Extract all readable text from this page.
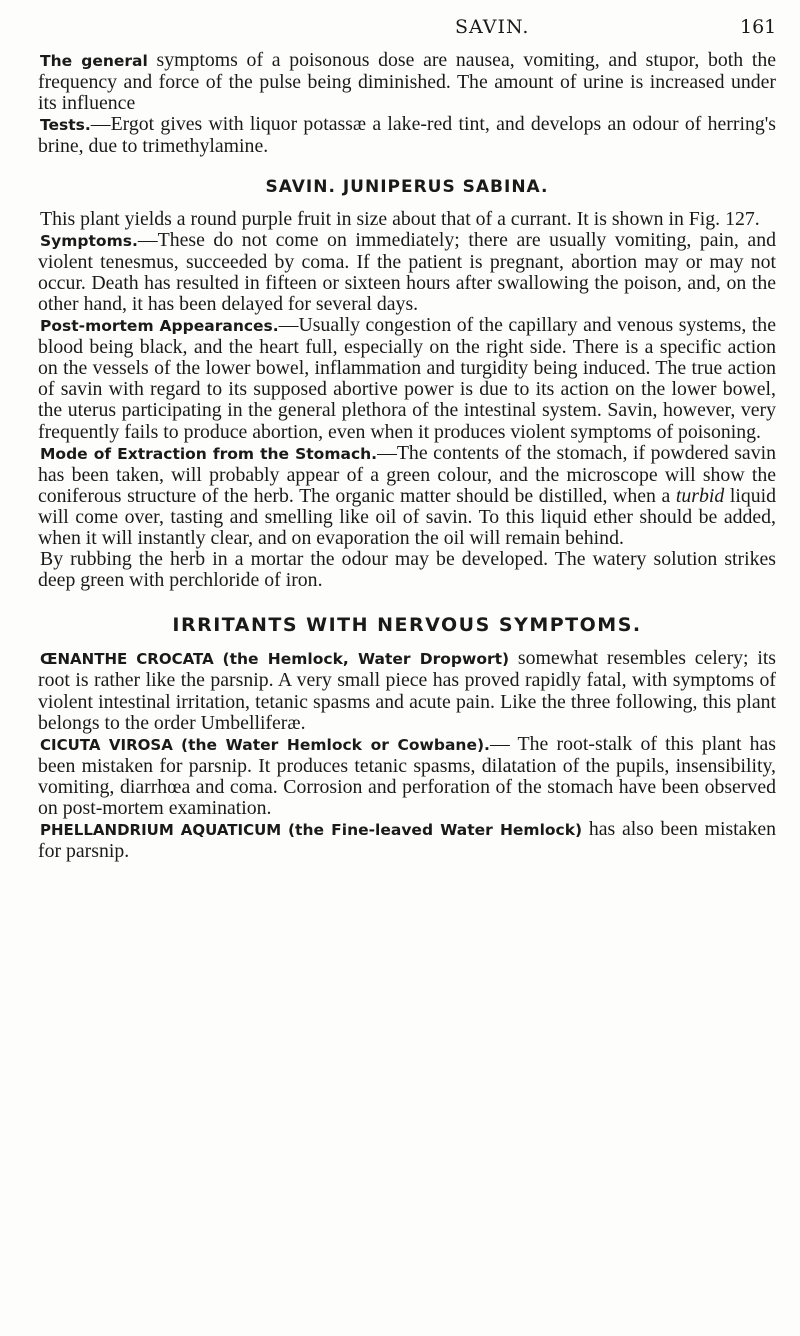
SAVIN.	161

The general symptoms of a poisonous dose are nausea, vomiting, and stupor, both the frequency and force of the pulse being diminished. The amount of urine is increased under its influence

Tests.—Ergot gives with liquor potassæ a lake-red tint, and develops an odour of herring's brine, due to trimethylamine.

SAVIN. JUNIPERUS SABINA.

This plant yields a round purple fruit in size about that of a currant. It is shown in Fig. 127.

Symptoms.—These do not come on immediately; there are usually vomiting, pain, and violent tenesmus, succeeded by coma. If the patient is pregnant, abortion may or may not occur. Death has resulted in fifteen or sixteen hours after swallowing the poison, and, on the other hand, it has been delayed for several days.

Post-mortem Appearances.—Usually congestion of the capillary and venous systems, the blood being black, and the heart full, especially on the right side. There is a specific action on the vessels of the lower bowel, inflammation and turgidity being induced. The true action of savin with regard to its supposed abortive power is due to its action on the lower bowel, the uterus participating in the general plethora of the intestinal system. Savin, however, very frequently fails to produce abortion, even when it produces violent symptoms of poisoning.

Mode of Extraction from the Stomach.—The contents of the stomach, if powdered savin has been taken, will probably appear of a green colour, and the microscope will show the coniferous structure of the herb. The organic matter should be distilled, when a turbid liquid will come over, tasting and smelling like oil of savin. To this liquid ether should be added, when it will instantly clear, and on evaporation the oil will remain behind.

By rubbing the herb in a mortar the odour may be developed. The watery solution strikes deep green with perchloride of iron.

IRRITANTS WITH NERVOUS SYMPTOMS.

ŒNANTHE CROCATA (the Hemlock, Water Dropwort) somewhat resembles celery; its root is rather like the parsnip. A very small piece has proved rapidly fatal, with symptoms of violent intestinal irritation, tetanic spasms and acute pain. Like the three following, this plant belongs to the order Umbelliferæ.

CICUTA VIROSA (the Water Hemlock or Cowbane).— The root-stalk of this plant has been mistaken for parsnip. It produces tetanic spasms, dilatation of the pupils, insensibility, vomiting, diarrhœa and coma. Corrosion and perforation of the stomach have been observed on post-mortem examination.

PHELLANDRIUM AQUATICUM (the Fine-leaved Water Hemlock) has also been mistaken for parsnip.
